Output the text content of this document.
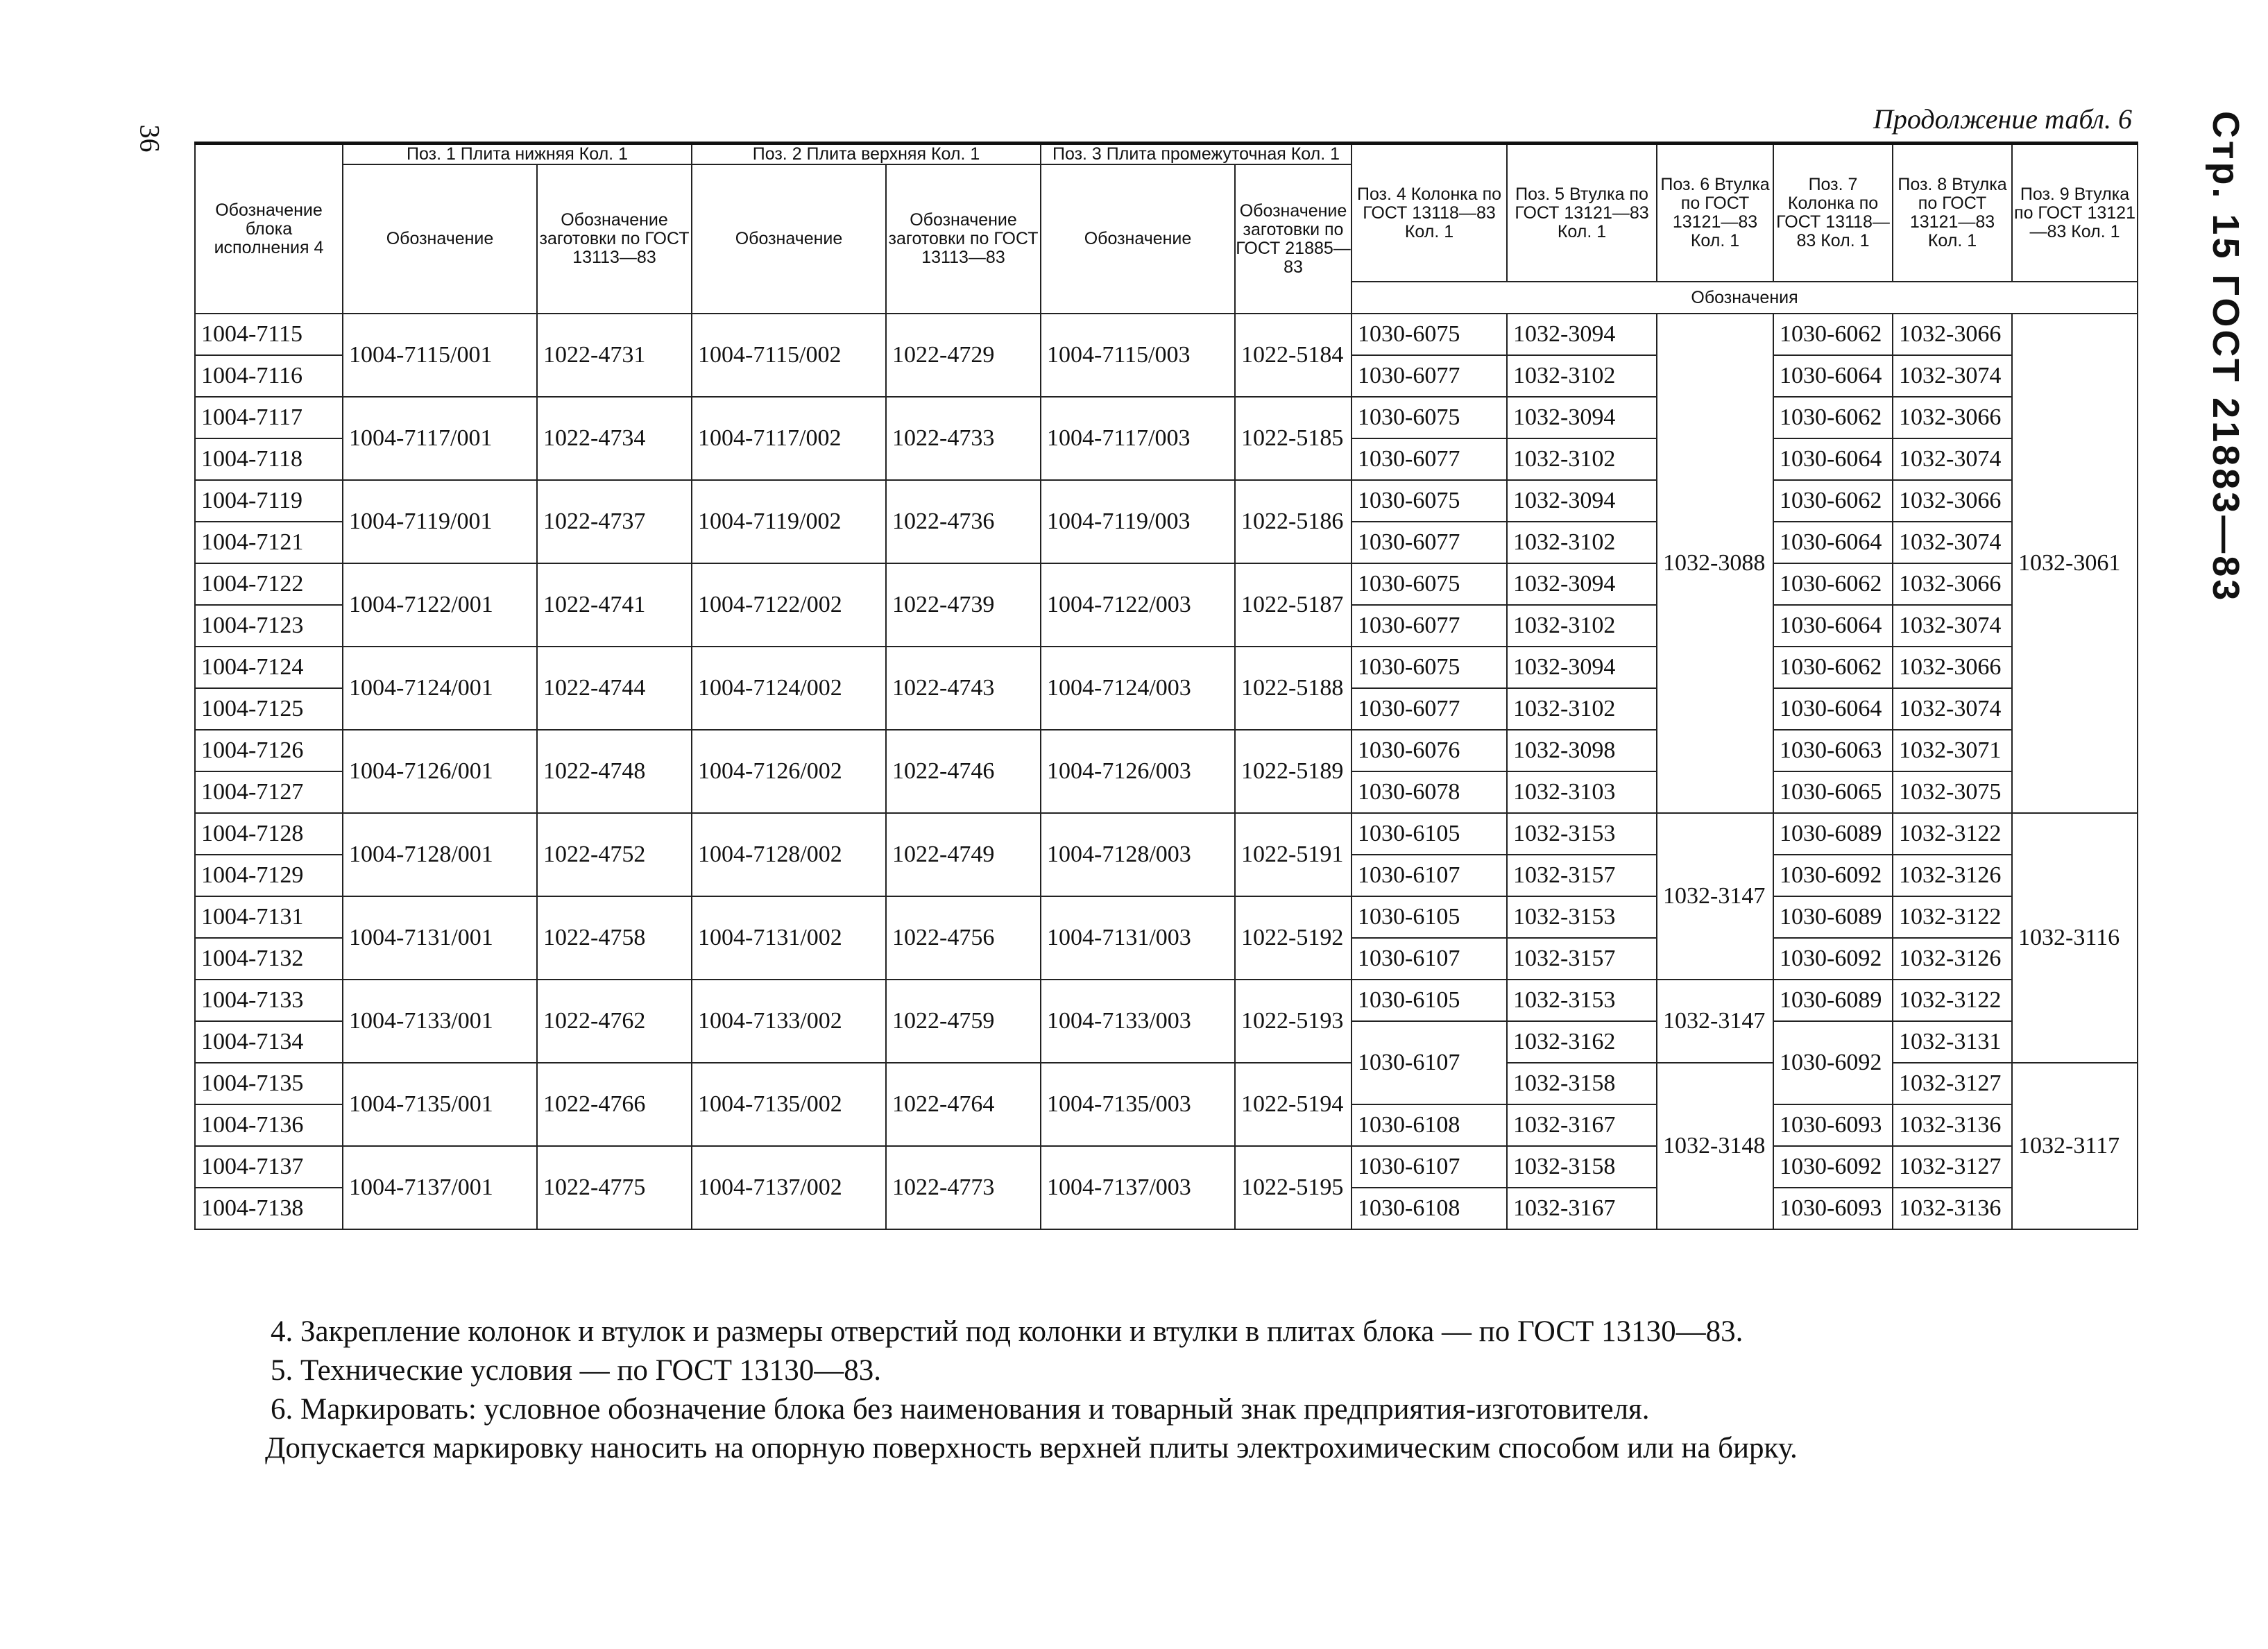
36
Продолжение табл. 6 Стр. 15 ГОСТ 21883—83
Обозначение блока исполнения 4	Поз. 1 Плита нижняя Кол. 1		Поз. 2 Плита верхняя Кол. 1		Поз. 3 Плита промежуточная Кол. 1		Поз. 4 Колонка по ГОСТ 13118—83 Кол. 1	Поз. 5 Втулка по ГОСТ 13121—83 Кол. 1	Поз. 6 Втулка по ГОСТ 13121—83 Кол. 1	Поз. 7 Колонка по ГОСТ 13118—83 Кол. 1	Поз. 8 Втулка по ГОСТ 13121—83 Кол. 1	Поз. 9 Втулка по ГОСТ 13121—83 Кол. 1
	Обозначение	Обозначение заготовки по ГОСТ 13113—83	Обозначение	Обозначение заготовки по ГОСТ 13113—83	Обозначение	Обозначение заготовки по ГОСТ 21885—83						
							Обозначения					
1004-7115	1004-7115/001	1022-4731	1004-7115/002	1022-4729	1004-7115/003	1022-5184	1030-6075	1032-3094	1032-3088	1030-6062	1032-3066	1032-3061
1004-7116							1030-6077	1032-3102		1030-6064	1032-3074	
1004-7117	1004-7117/001	1022-4734	1004-7117/002	1022-4733	1004-7117/003	1022-5185	1030-6075	1032-3094		1030-6062	1032-3066	
1004-7118							1030-6077	1032-3102		1030-6064	1032-3074	
1004-7119	1004-7119/001	1022-4737	1004-7119/002	1022-4736	1004-7119/003	1022-5186	1030-6075	1032-3094		1030-6062	1032-3066	
1004-7121							1030-6077	1032-3102		1030-6064	1032-3074	
1004-7122	1004-7122/001	1022-4741	1004-7122/002	1022-4739	1004-7122/003	1022-5187	1030-6075	1032-3094		1030-6062	1032-3066	
1004-7123							1030-6077	1032-3102		1030-6064	1032-3074	
1004-7124	1004-7124/001	1022-4744	1004-7124/002	1022-4743	1004-7124/003	1022-5188	1030-6075	1032-3094		1030-6062	1032-3066	
1004-7125							1030-6077	1032-3102		1030-6064	1032-3074	
1004-7126	1004-7126/001	1022-4748	1004-7126/002	1022-4746	1004-7126/003	1022-5189	1030-6076	1032-3098		1030-6063	1032-3071	
1004-7127							1030-6078	1032-3103		1030-6065	1032-3075	
1004-7128	1004-7128/001	1022-4752	1004-7128/002	1022-4749	1004-7128/003	1022-5191	1030-6105	1032-3153	1032-3147	1030-6089	1032-3122	1032-3116
1004-7129							1030-6107	1032-3157		1030-6092	1032-3126	
1004-7131	1004-7131/001	1022-4758	1004-7131/002	1022-4756	1004-7131/003	1022-5192	1030-6105	1032-3153		1030-6089	1032-3122	
1004-7132							1030-6107	1032-3157		1030-6092	1032-3126	
1004-7133	1004-7133/001	1022-4762	1004-7133/002	1022-4759	1004-7133/003	1022-5193	1030-6105	1032-3153	1032-3147	1030-6089	1032-3122	
1004-7134							1030-6107	1032-3162		1030-6092	1032-3131	
1004-7135	1004-7135/001	1022-4766	1004-7135/002	1022-4764	1004-7135/003	1022-5194		1032-3158	1032-3148		1032-3127	1032-3117
1004-7136							1030-6108	1032-3167		1030-6093	1032-3136	
1004-7137	1004-7137/001	1022-4775	1004-7137/002	1022-4773	1004-7137/003	1022-5195	1030-6107	1032-3158		1030-6092	1032-3127	
1004-7138							1030-6108	1032-3167		1030-6093	1032-3136	

4. Закрепление колонок и втулок и размеры отверстий под колонки и втулки в плитах блока — по ГОСТ 13130—83.

5. Технические условия — по ГОСТ 13130—83.

6. Маркировать: условное обозначение блока без наименования и товарный знак предприятия-изготовителя.

Допускается маркировку наносить на опорную поверхность верхней плиты электрохимическим способом или на бирку.
